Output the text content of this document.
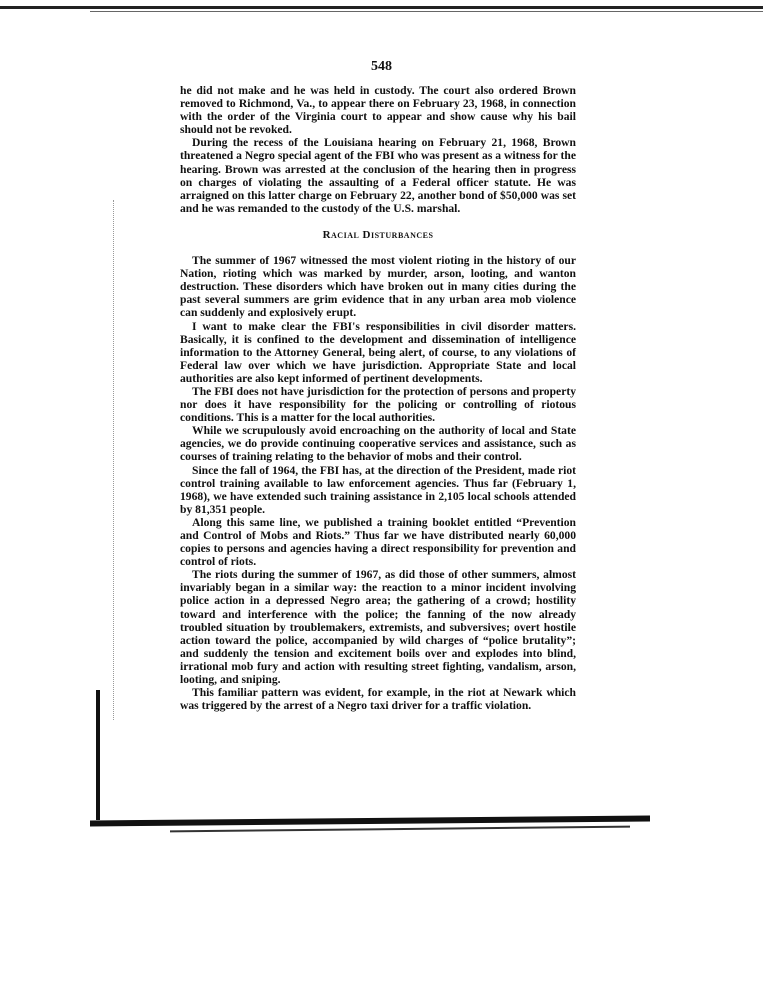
548

he did not make and he was held in custody. The court also ordered Brown removed to Richmond, Va., to appear there on February 23, 1968, in connection with the order of the Virginia court to appear and show cause why his bail should not be revoked.

During the recess of the Louisiana hearing on February 21, 1968, Brown threatened a Negro special agent of the FBI who was present as a witness for the hearing. Brown was arrested at the conclusion of the hearing then in progress on charges of violating the assaulting of a Federal officer statute. He was arraigned on this latter charge on February 22, another bond of $50,000 was set and he was remanded to the custody of the U.S. marshal.

Racial Disturbances

The summer of 1967 witnessed the most violent rioting in the history of our Nation, rioting which was marked by murder, arson, looting, and wanton destruction. These disorders which have broken out in many cities during the past several summers are grim evidence that in any urban area mob violence can suddenly and explosively erupt.

I want to make clear the FBI's responsibilities in civil disorder matters. Basically, it is confined to the development and dissemination of intelligence information to the Attorney General, being alert, of course, to any violations of Federal law over which we have jurisdiction. Appropriate State and local authorities are also kept informed of pertinent developments.

The FBI does not have jurisdiction for the protection of persons and property nor does it have responsibility for the policing or controlling of riotous conditions. This is a matter for the local authorities.

While we scrupulously avoid encroaching on the authority of local and State agencies, we do provide continuing cooperative services and assistance, such as courses of training relating to the behavior of mobs and their control.

Since the fall of 1964, the FBI has, at the direction of the President, made riot control training available to law enforcement agencies. Thus far (February 1, 1968), we have extended such training assistance in 2,105 local schools attended by 81,351 people.

Along this same line, we published a training booklet entitled “Prevention and Control of Mobs and Riots.” Thus far we have distributed nearly 60,000 copies to persons and agencies having a direct responsibility for prevention and control of riots.

The riots during the summer of 1967, as did those of other summers, almost invariably began in a similar way: the reaction to a minor incident involving police action in a depressed Negro area; the gathering of a crowd; hostility toward and interference with the police; the fanning of the now already troubled situation by troublemakers, extremists, and subversives; overt hostile action toward the police, accompanied by wild charges of “police brutality”; and suddenly the tension and excitement boils over and explodes into blind, irrational mob fury and action with resulting street fighting, vandalism, arson, looting, and sniping.

This familiar pattern was evident, for example, in the riot at Newark which was triggered by the arrest of a Negro taxi driver for a traffic violation.
